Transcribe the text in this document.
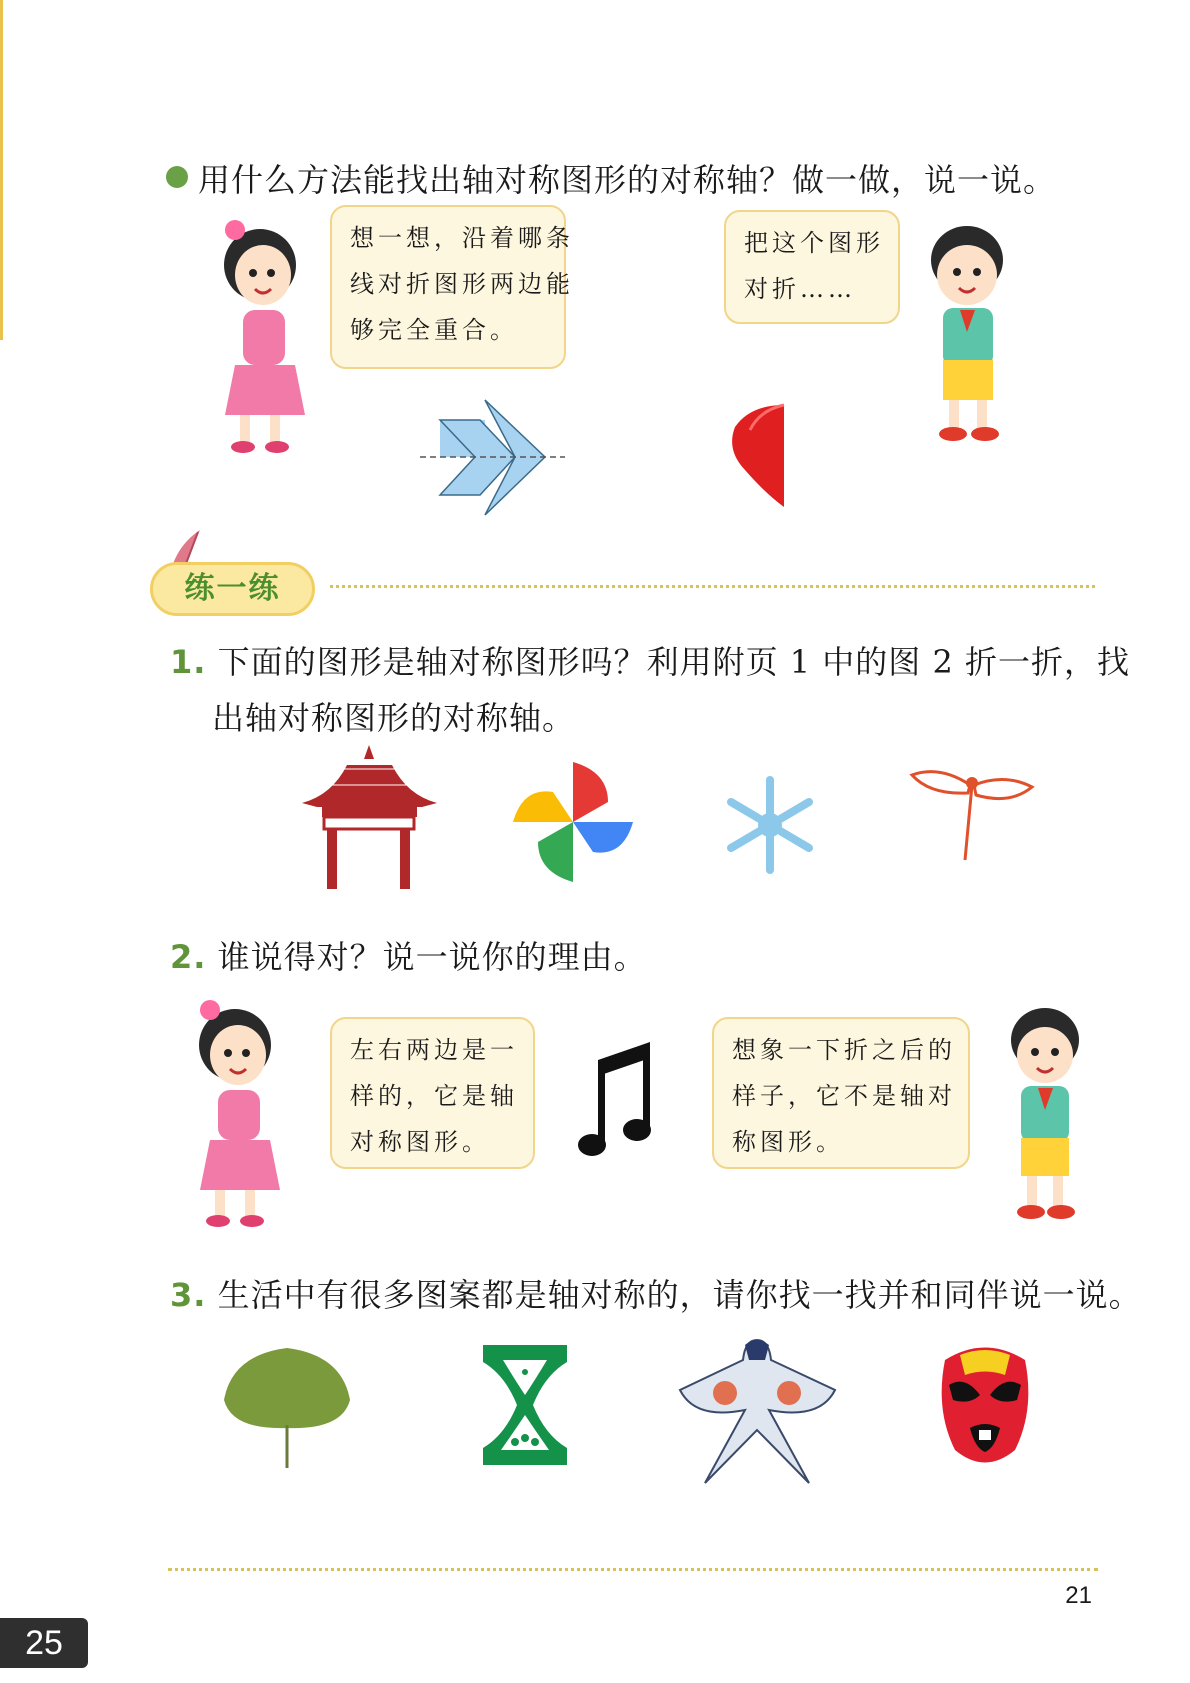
用什么方法能找出轴对称图形的对称轴？做一做，说一说。
想一想，沿着哪条
线对折图形两边能
够完全重合。
把这个图形
对折……
练一练
1. 下面的图形是轴对称图形吗？利用附页 1 中的图 2 折一折，找
出轴对称图形的对称轴。
2. 谁说得对？说一说你的理由。
左右两边是一
样的，它是轴
对称图形。
想象一下折之后的
样子，它不是轴对
称图形。
3. 生活中有很多图案都是轴对称的，请你找一找并和同伴说一说。
21
25
